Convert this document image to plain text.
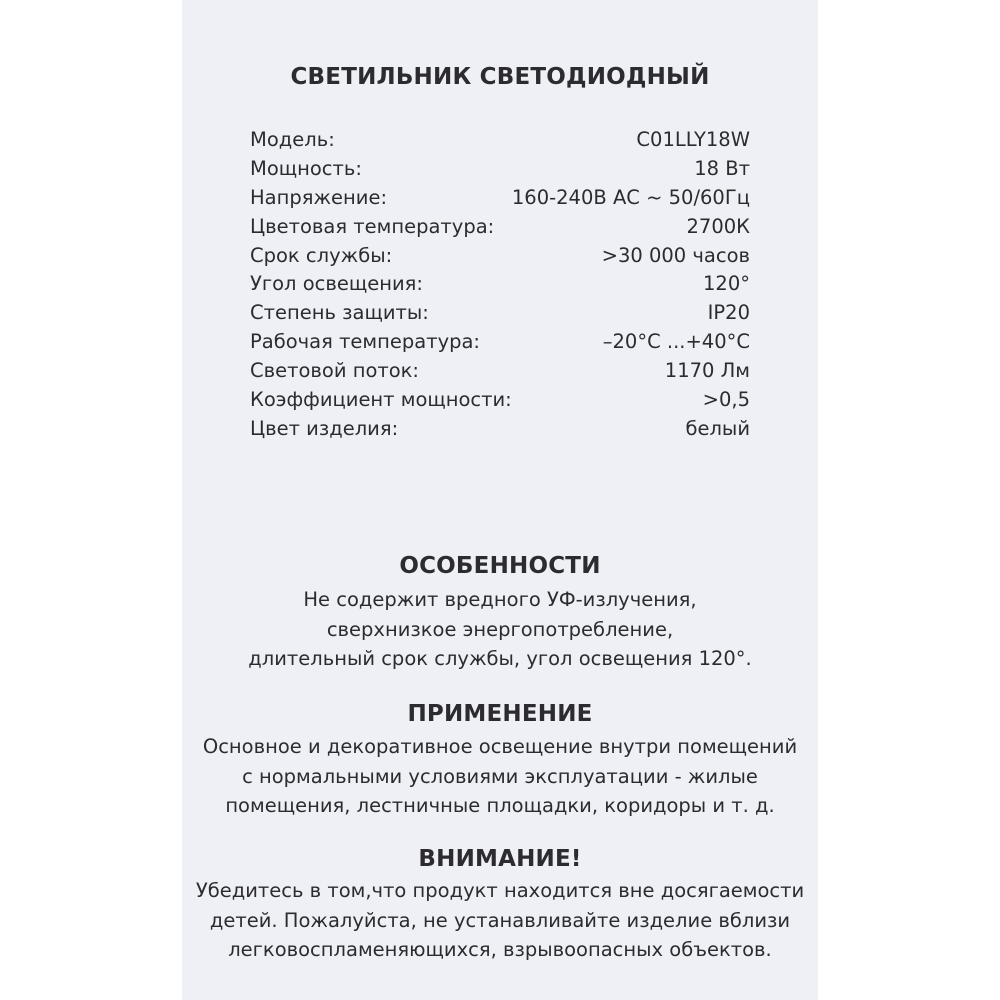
СВЕТИЛЬНИК СВЕТОДИОДНЫЙ
Модель:	C01LLY18W
Мощность:	18 Вт
Напряжение:	160-240В АС ~ 50/60Гц
Цветовая температура:	2700К
Срок службы:	>30 000 часов
Угол освещения:	120°
Степень защиты:	IP20
Рабочая температура:	–20°С ...+40°С
Световой поток:	1170 Лм
Коэффициент мощности:	>0,5
Цвет изделия:	белый
ОСОБЕННОСТИ
Не содержит вредного УФ-излучения,
сверхнизкое энергопотребление,
длительный срок службы, угол освещения 120°.
ПРИМЕНЕНИЕ
Основное и декоративное освещение внутри помещений
с нормальными условиями эксплуатации - жилые
помещения, лестничные площадки, коридоры и т. д.
ВНИМАНИЕ!
Убедитесь в том,что продукт находится вне досягаемости
детей. Пожалуйста, не устанавливайте изделие вблизи
легковоспламеняющихся, взрывоопасных объектов.
